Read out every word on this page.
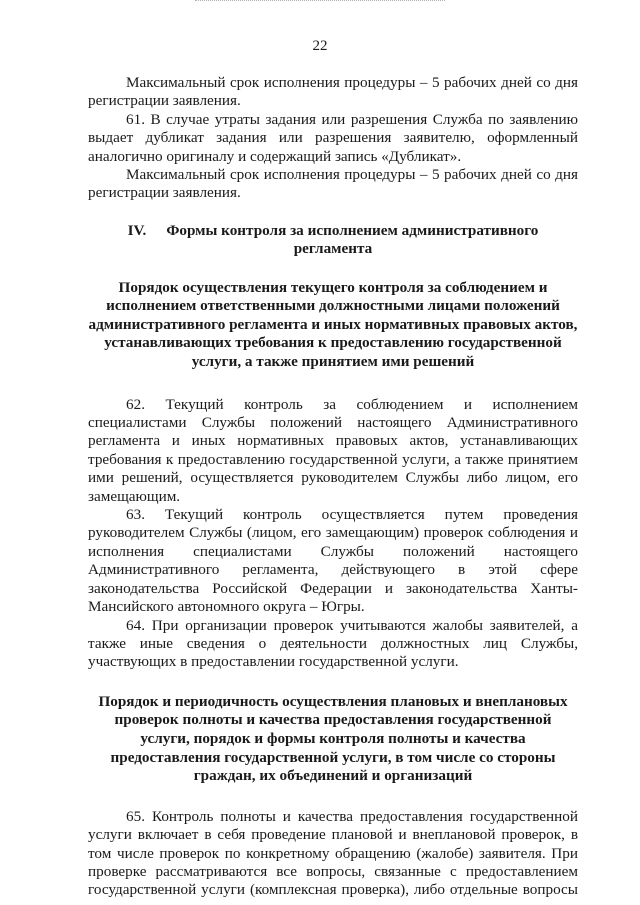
22

Максимальный срок исполнения процедуры – 5 рабочих дней со дня регистрации заявления.

61. В случае утраты задания или разрешения Служба по заявлению выдает дубликат задания или разрешения заявителю, оформленный аналогично оригиналу и содержащий запись «Дубликат».

Максимальный срок исполнения процедуры – 5 рабочих дней со дня регистрации заявления.

IV. Формы контроля за исполнением административного
регламента
Порядок осуществления текущего контроля за соблюдением и исполнением ответственными должностными лицами положений административного регламента и иных нормативных правовых актов, устанавливающих требования к предоставлению государственной услуги, а также принятием ими решений

62. Текущий контроль за соблюдением и исполнением специалистами Службы положений настоящего Административного регламента и иных нормативных правовых актов, устанавливающих требования к предоставлению государственной услуги, а также принятием ими решений, осуществляется руководителем Службы либо лицом, его замещающим.

63. Текущий контроль осуществляется путем проведения руководителем Службы (лицом, его замещающим) проверок соблюдения и исполнения специалистами Службы положений настоящего Административного регламента, действующего в этой сфере законодательства Российской Федерации и законодательства Ханты-Мансийского автономного округа – Югры.

64. При организации проверок учитываются жалобы заявителей, а также иные сведения о деятельности должностных лиц Службы, участвующих в предоставлении государственной услуги.

Порядок и периодичность осуществления плановых и внеплановых проверок полноты и качества предоставления государственной услуги, порядок и формы контроля полноты и качества предоставления государственной услуги, в том числе со стороны граждан, их объединений и организаций

65. Контроль полноты и качества предоставления государственной услуги включает в себя проведение плановой и внеплановой проверок, в том числе проверок по конкретному обращению (жалобе) заявителя. При проверке рассматриваются все вопросы, связанные с предоставлением государственной услуги (комплексная проверка), либо отдельные вопросы
